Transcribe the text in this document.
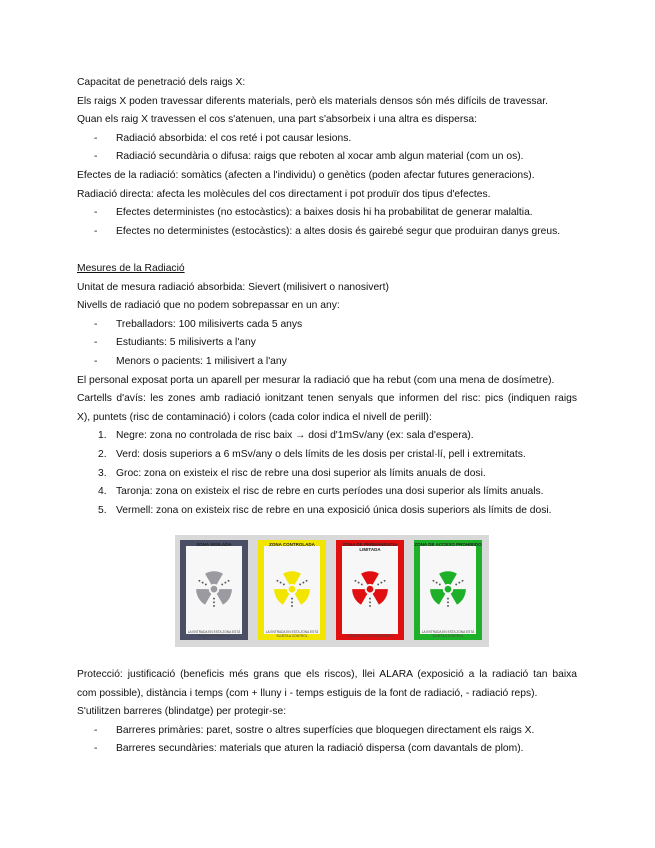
Capacitat de penetració dels raigs X:

Els raigs X poden travessar diferents materials, però els materials densos són més difícils de travessar.

Quan els raig X travessen el cos s'atenuen, una part s'absorbeix i una altra es dispersa:

- Radiació absorbida: el cos reté i pot causar lesions.

- Radiació secundària o difusa: raigs que reboten al xocar amb algun material (com un os).

Efectes de la radiació: somàtics (afecten a l'individu) o genètics (poden afectar futures generacions).

Radiació directa: afecta les molècules del cos directament i pot produïr dos tipus d'efectes.

- Efectes deterministes (no estocàstics): a baixes dosis hi ha probabilitat de generar malaltia.

- Efectes no deterministes (estocàstics): a altes dosis és gairebé segur que produiran danys greus.

Mesures de la Radiació

Unitat de mesura radiació absorbida: Sievert (milisivert o nanosivert)

Nivells de radiació que no podem sobrepassar en un any:

- Treballadors: 100 milisiverts cada 5 anys

- Estudiants: 5 milisiverts a l'any

- Menors o pacients: 1 milisivert a l'any

El personal exposat porta un aparell per mesurar la radiació que ha rebut (com una mena de dosímetre).

Cartells d'avís: les zones amb radiació ionitzant tenen senyals que informen del risc: pics (indiquen raigs

X), puntets (risc de contaminació) i colors (cada color indica el nivell de perill):

1. Negre: zona no controlada de risc baix → dosi d'1mSv/any (ex: sala d'espera).

2. Verd: dosis superiors a 6 mSv/any o dels límits de les dosis per cristal·lí, pell i extremitats.

3. Groc: zona on existeix el risc de rebre una dosi superior als límits anuals de dosi.

4. Taronja: zona on existeix el risc de rebre en curts períodes una dosi superior als límits anuals.

5. Vermell: zona on existeix risc de rebre en una exposició única dosis superiors als límits de dosi.

ZONA VIGILADA
LA ENTRADA EN ESTA ZONA ESTÁ SUJETA A CONTROL
ZONA CONTROLADA
LA ENTRADA EN ESTA ZONA ESTÁ SUJETA A CONTROL
ZONA DE PERMANENCIA LIMITADA
ZONA DE ACCESO PROHIBIDO
ZONA DE ACCESO PROHIBIDO
LA ENTRADA EN ESTA ZONA ESTÁ SUJETA A CONTROL

Protecció: justificació (beneficis més grans que els riscos), llei ALARA (exposició a la radiació tan baixa

com possible), distància i temps (com + lluny i - temps estiguis de la font de radiació, - radiació reps).

S'utilitzen barreres (blindatge) per protegir-se:

- Barreres primàries: paret, sostre o altres superfícies que bloquegen directament els raigs X.

- Barreres secundàries: materials que aturen la radiació dispersa (com davantals de plom).
